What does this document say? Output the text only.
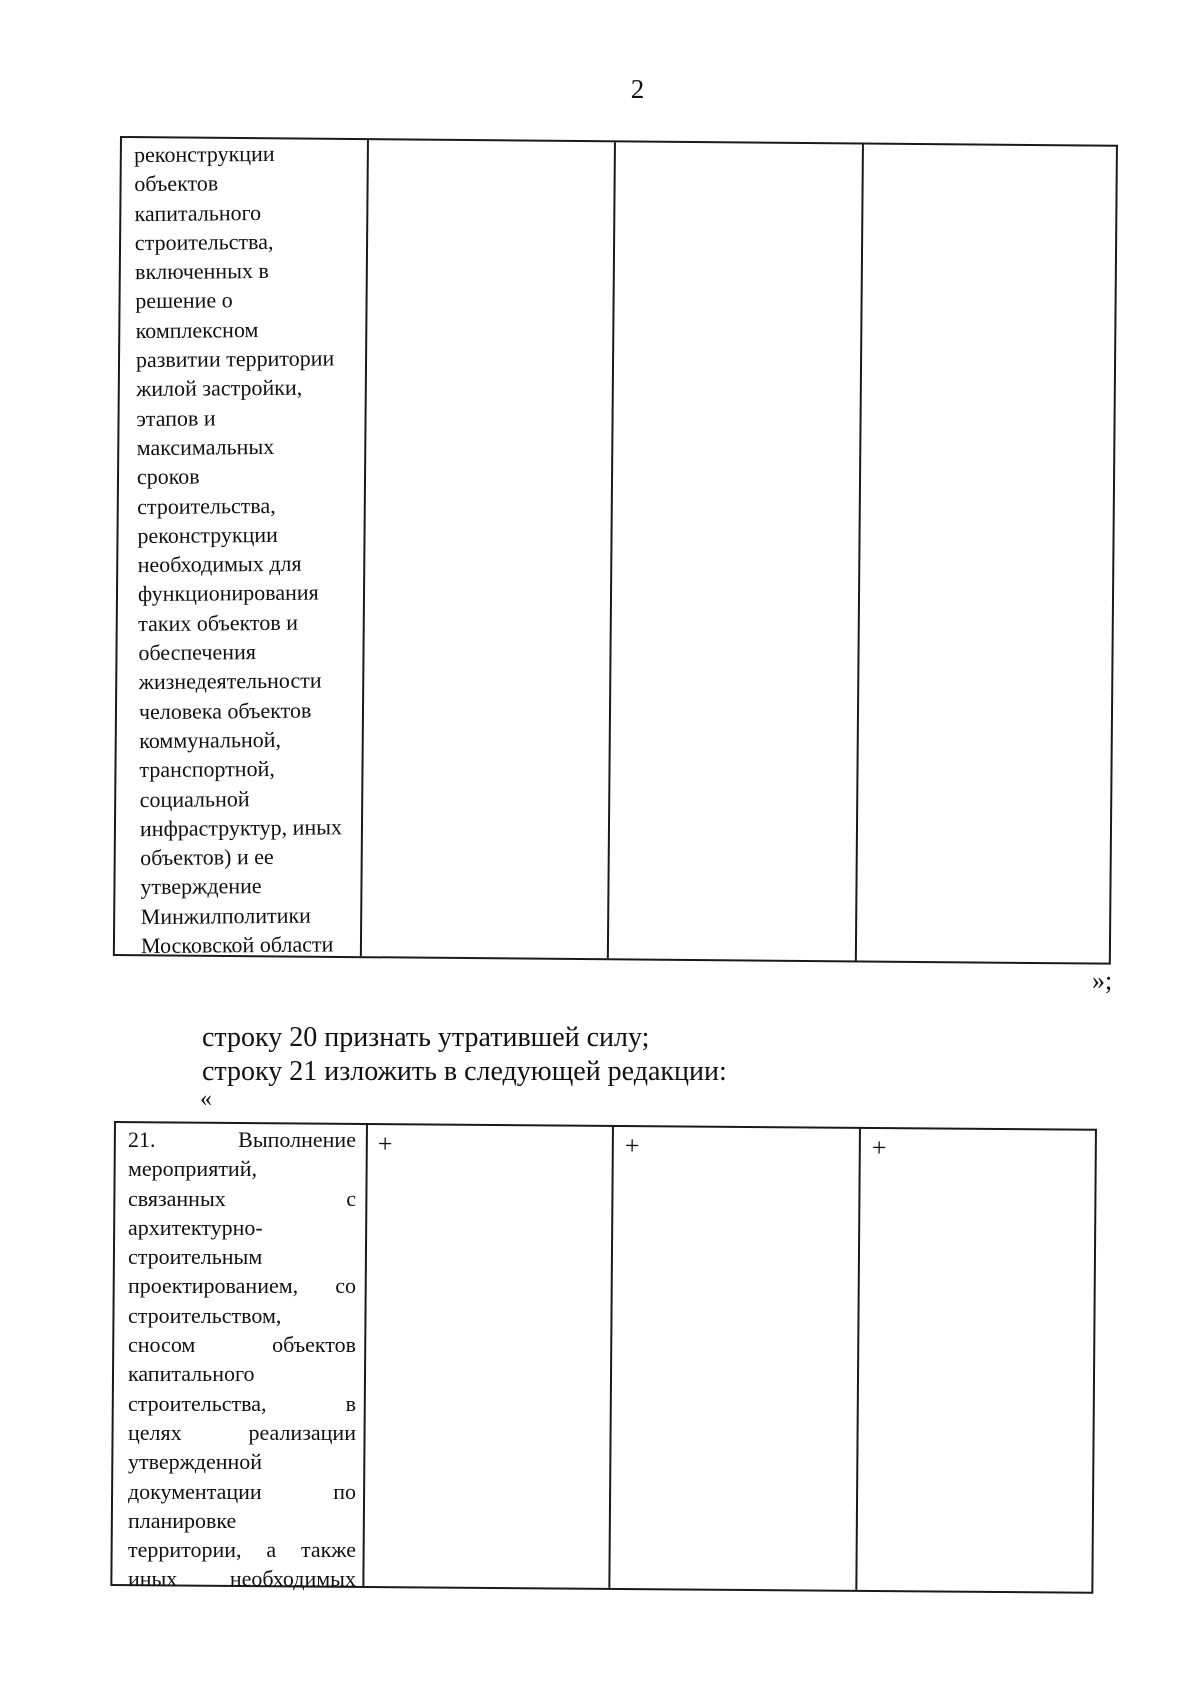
2
реконструкции
объектов
капитального
строительства,
включенных в
решение о
комплексном
развитии территории
жилой застройки,
этапов и
максимальных
сроков
строительства,
реконструкции
необходимых для
функционирования
таких объектов и
обеспечения
жизнедеятельности
человека объектов
коммунальной,
транспортной,
социальной
инфраструктур, иных
объектов) и ее
утверждение
Минжилполитики
Московской области
»;
строку 20 признать утратившей силу;
строку 21 изложить в следующей редакции:
«
21. Выполнение
мероприятий,
связанных с
архитектурно-
строительным
проектированием, со
строительством,
сносом объектов
капитального
строительства, в
целях реализации
утвержденной
документации по
планировке
территории, а также
иных необходимых
+	+	+
